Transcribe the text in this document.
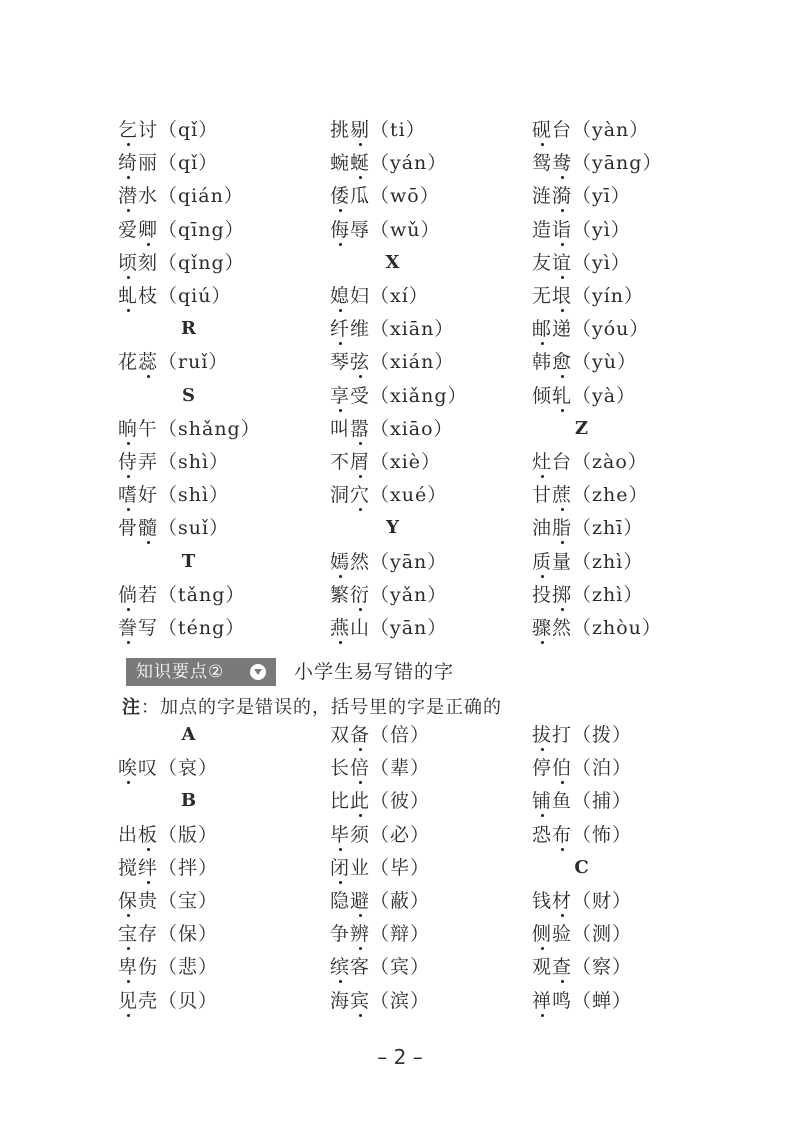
乞讨（qǐ）	挑剔（ti）	砚台（yàn）
绮丽（qǐ）	蜿蜒（yán）	鸳鸯（yāng）
潜水（qián）	倭瓜（wō）	涟漪（yī）
爱卿（qīng）	侮辱（wǔ）	造诣（yì）
顷刻（qǐng）	X	友谊（yì）
虬枝（qiú）	媳妇（xí）	无垠（yín）
R	纤维（xiān）	邮递（yóu）
花蕊（ruǐ）	琴弦（xián）	韩愈（yù）
S	享受（xiǎng）	倾轧（yà）
晌午（shǎng）	叫嚣（xiāo）	Z
侍弄（shì）	不屑（xiè）	灶台（zào）
嗜好（shì）	洞穴（xué）	甘蔗（zhe）
骨髓（suǐ）	Y	油脂（zhī）
T	嫣然（yān）	质量（zhì）
倘若（tǎng）	繁衍（yǎn）	投掷（zhì）
誊写（téng）	燕山（yān）	骤然（zhòu）
知识要点②	小学生易写错的字
注：加点的字是错误的，括号里的字是正确的
A	双备（倍）	拔打（拨）
唉叹（哀）	长倍（辈）	停伯（泊）
B	比此（彼）	铺鱼（捕）
出板（版）	毕须（必）	恐布（怖）
搅绊（拌）	闭业（毕）	C
保贵（宝）	隐避（蔽）	钱材（财）
宝存（保）	争辨（辩）	侧验（测）
卑伤（悲）	缤客（宾）	观查（察）
见壳（贝）	海宾（滨）	禅鸣（蝉）
– 2 –
